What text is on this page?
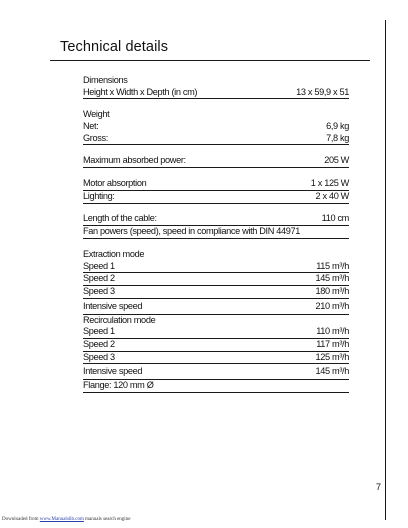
Technical details
Dimensions
Height x Width x Depth (in cm)	13 x 59,9 x 51
Weight
Net:	6,9 kg
Gross:	7,8 kg
Maximum absorbed power:	205 W
Motor absorption	1 x 125 W
Lighting:	2 x 40 W
Length of the cable:	110 cm
Fan powers (speed), speed in compliance with DIN 44971
Extraction mode
Speed 1	115 m³/h
Speed 2	145 m³/h
Speed 3	180 m³/h
Intensive speed	210 m³/h
Recirculation mode
Speed 1	110 m³/h
Speed 2	117 m³/h
Speed 3	125 m³/h
Intensive speed	145 m³/h
Flange: 120 mm Ø
7
Downloaded from www.Manualslib.com manuals search engine
